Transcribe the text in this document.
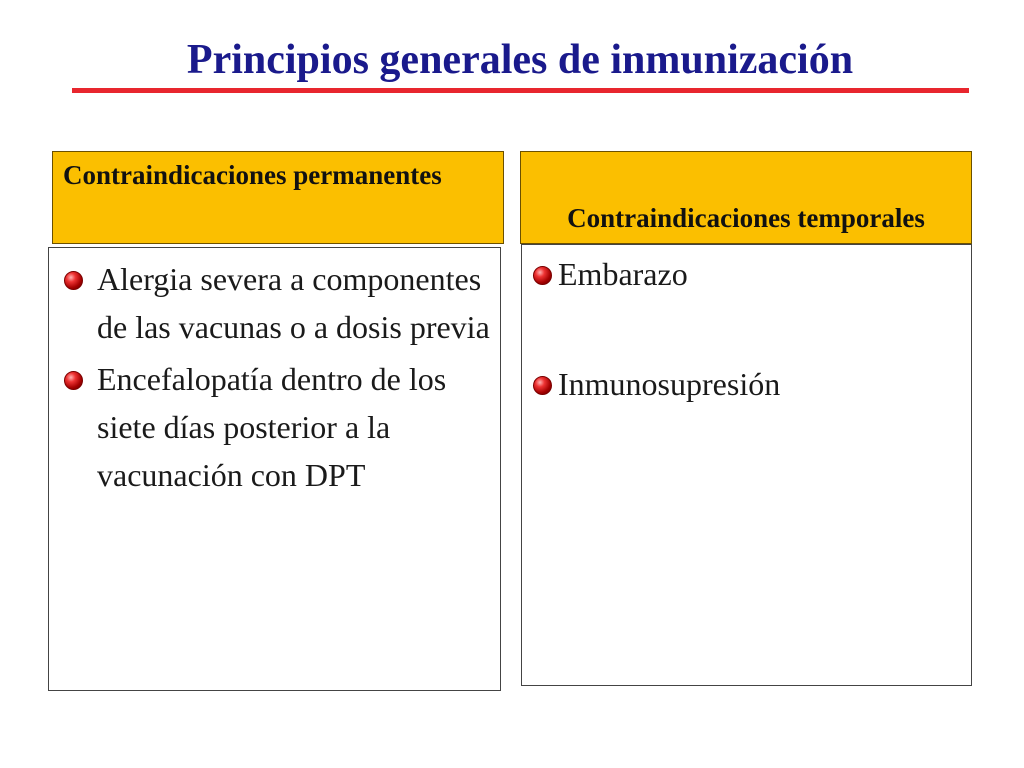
Principios generales de inmunización
Contraindicaciones permanentes
Contraindicaciones temporales
Alergia severa a componentes de las vacunas o a dosis previa
Encefalopatía dentro de los siete días posterior a la vacunación con DPT
Embarazo
Inmunosupresión
